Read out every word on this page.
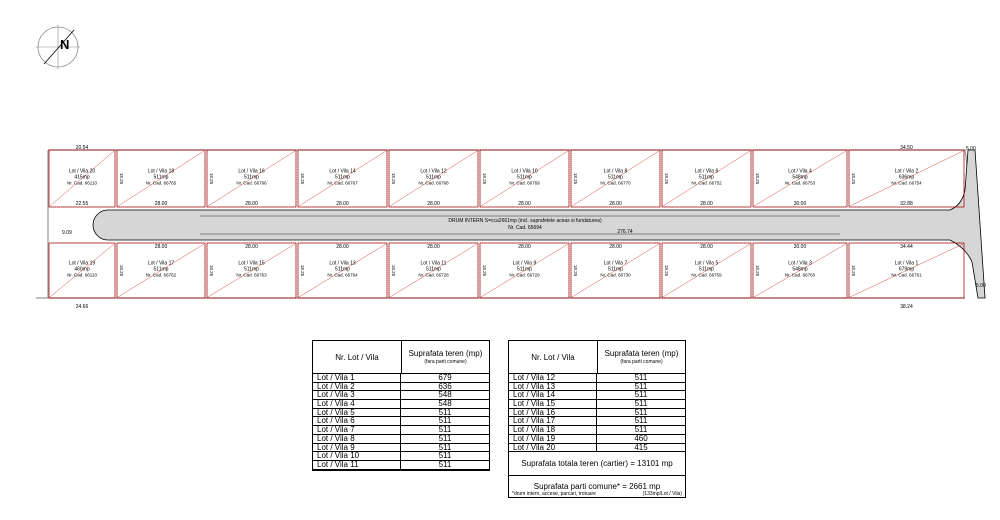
N
DRUM INTERN S=cca2661mp (incl. suprafetele aceas si fundaturea)
Nr. Cad. 65694
276.74
9.09
5.00
5.00
Lot / Vila 20
415mp
Nr. Cad. 66110
22.55
20.54
Lot / Vila 18
511mp
Nr. Cad. 66765
28.00
18.25
Lot / Vila 16
511mp
Nr. Cad. 66766
28.00
18.25
Lot / Vila 14
511mp
Nr. Cad. 66767
28.00
18.25
Lot / Vila 12
511mp
Nr. Cad. 66768
28.00
18.25
Lot / Vila 10
511mp
Nr. Cad. 66769
28.00
18.25
Lot / Vila 8
511mp
Nr. Cad. 66770
28.00
18.25
Lot / Vila 6
511mp
Nr. Cad. 66752
28.00
18.25
Lot / Vila 4
548mp
Nr. Cad. 66753
30.00
18.25
Lot / Vila 2
636mp
Nr. Cad. 66754
32.88
34.50
18.25
Lot / Vila 19
460mp
Nr. Cad. 66110
24.66
Lot / Vila 17
511mp
Nr. Cad. 66762
28.00
18.25
Lot / Vila 15
511mp
Nr. Cad. 66763
28.00
18.25
Lot / Vila 13
511mp
Nr. Cad. 66764
28.00
18.25
Lot / Vila 11
511mp
Nr. Cad. 66728
28.00
18.25
Lot / Vila 9
511mp
Nr. Cad. 66729
28.00
18.25
Lot / Vila 7
511mp
Nr. Cad. 66730
28.00
18.25
Lot / Vila 5
511mp
Nr. Cad. 66759
28.00
18.25
Lot / Vila 3
548mp
Nr. Cad. 66760
30.00
18.25
Lot / Vila 1
679mp
Nr. Cad. 66761
34.44
38.24
18.25
Nr. Lot / Vila	Suprafata teren (mp)
(fara parti comune)
Lot / Vila 1	679
Lot / Vila 2	636
Lot / Vila 3	548
Lot / Vila 4	548
Lot / Vila 5	511
Lot / Vila 6	511
Lot / Vila 7	511
Lot / Vila 8	511
Lot / Vila 9	511
Lot / Vila 10	511
Lot / Vila 11	511
Nr. Lot / Vila	Suprafata teren (mp)
(fara parti comune)
Lot / Vila 12	511
Lot / Vila 13	511
Lot / Vila 14	511
Lot / Vila 15	511
Lot / Vila 16	511
Lot / Vila 17	511
Lot / Vila 18	511
Lot / Vila 19	460
Lot / Vila 20	415
Suprafata totala teren (cartier) = 13101 mp
Suprafata parti comune* = 2661 mp
*drum intern, accese, parcari, trotuare	(133mp/Lot / Vila)
